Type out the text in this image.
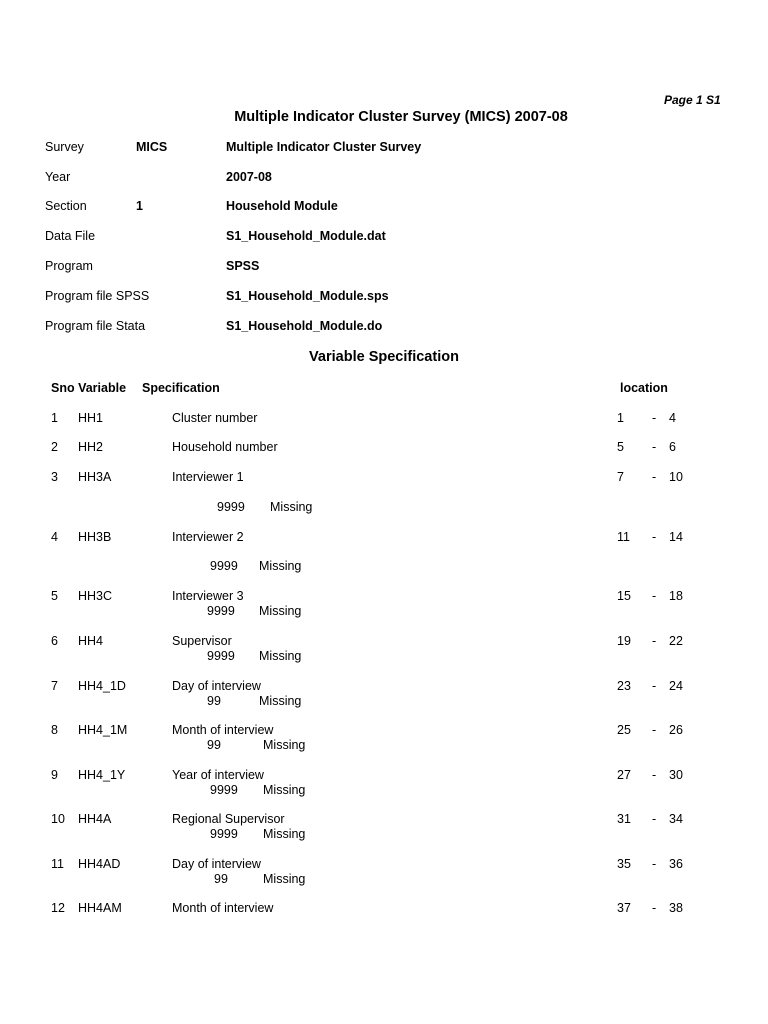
Page 1 S1
Multiple Indicator Cluster Survey (MICS) 2007-08
Survey	MICS	Multiple Indicator Cluster Survey
Year	2007-08
Section	1	Household Module
Data File	S1_Household_Module.dat
Program	SPSS
Program file SPSS	S1_Household_Module.sps
Program file Stata	S1_Household_Module.do
Variable Specification
Sno Variable Specification	location
1 HH1	Cluster number	1 - 4
2 HH2	Household number	5 - 6
3 HH3A	Interviewer 1	7 - 10
9999 Missing
4 HH3B	Interviewer 2	11 - 14
9999 Missing
5 HH3C	Interviewer 3	15 - 18
9999 Missing
6 HH4	Supervisor	19 - 22
9999 Missing
7 HH4_1D	Day of interview	23 - 24
99	Missing
8 HH4_1M	Month of interview	25 - 26
99	Missing
9 HH4_1Y	Year of interview	27 - 30
9999 Missing
10 HH4A	Regional Supervisor	31 - 34
9999 Missing
11 HH4AD	Day of interview	35 - 36
99	Missing
12 HH4AM	Month of interview	37 - 38
